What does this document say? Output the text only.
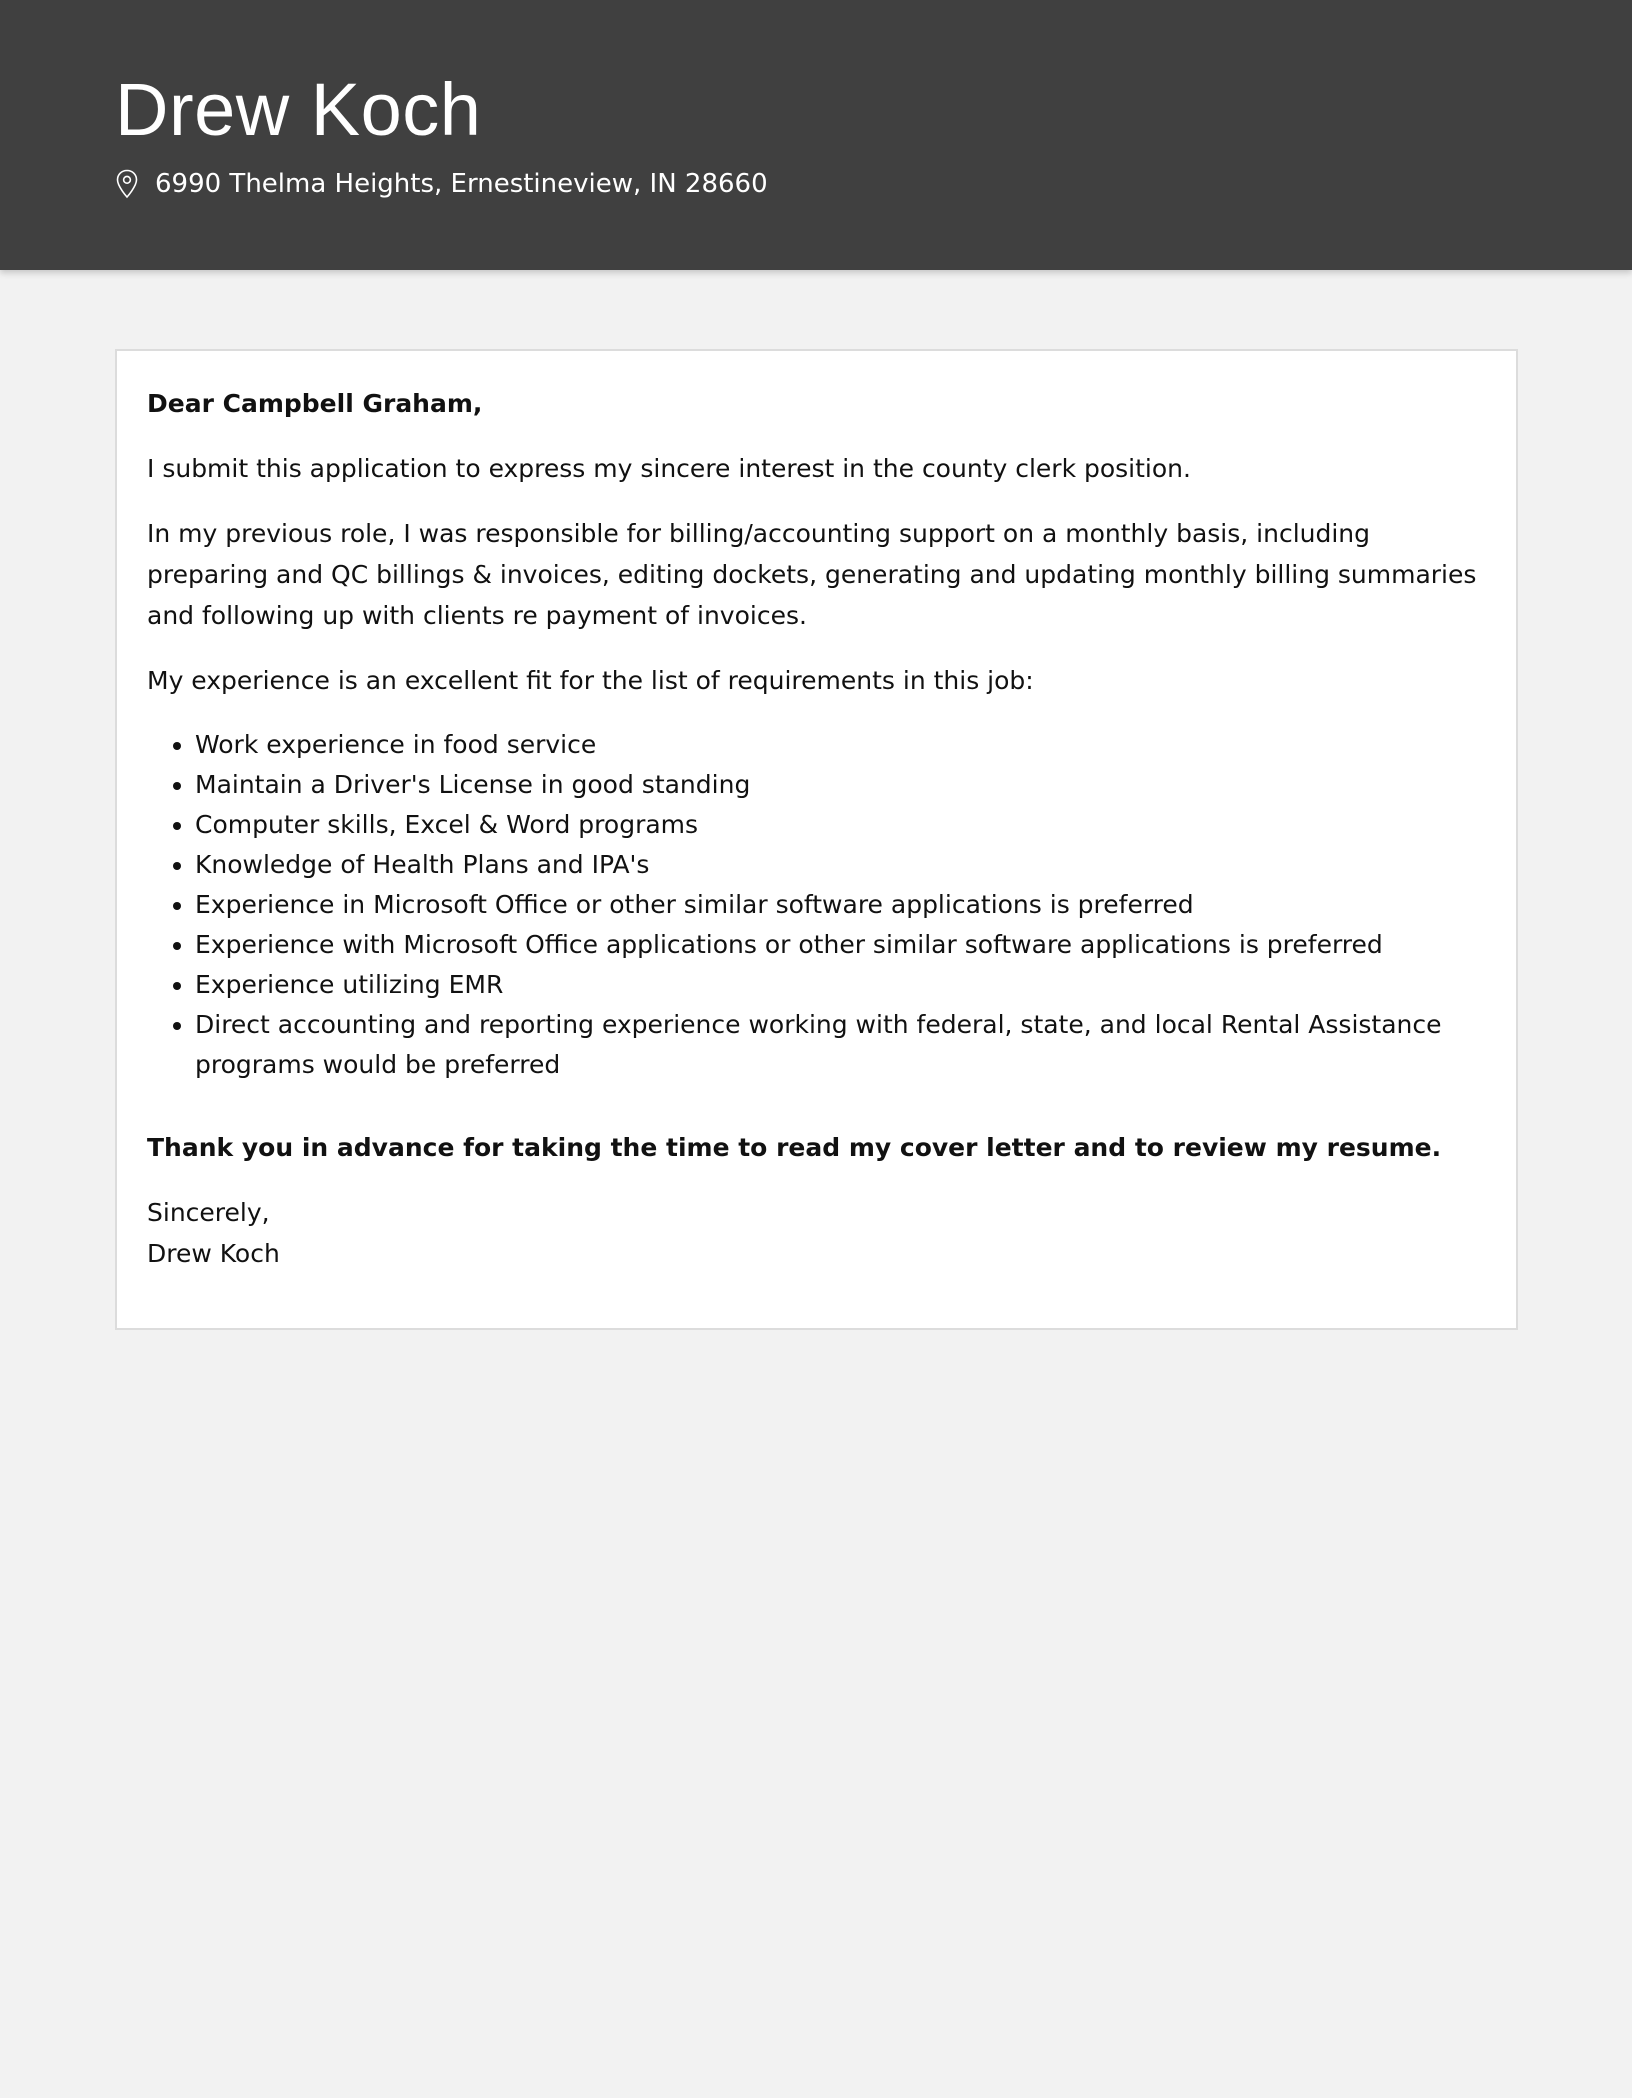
Drew Koch
6990 Thelma Heights, Ernestineview, IN 28660

Dear Campbell Graham,

I submit this application to express my sincere interest in the county clerk position.

In my previous role, I was responsible for billing/accounting support on a monthly basis, including preparing and QC billings & invoices, editing dockets, generating and updating monthly billing summaries and following up with clients re payment of invoices.

My experience is an excellent fit for the list of requirements in this job:

• Work experience in food service
• Maintain a Driver's License in good standing
• Computer skills, Excel & Word programs
• Knowledge of Health Plans and IPA's
• Experience in Microsoft Office or other similar software applications is preferred
• Experience with Microsoft Office applications or other similar software applications is preferred
• Experience utilizing EMR
• Direct accounting and reporting experience working with federal, state, and local Rental Assistance programs would be preferred

Thank you in advance for taking the time to read my cover letter and to review my resume.

Sincerely,
Drew Koch
